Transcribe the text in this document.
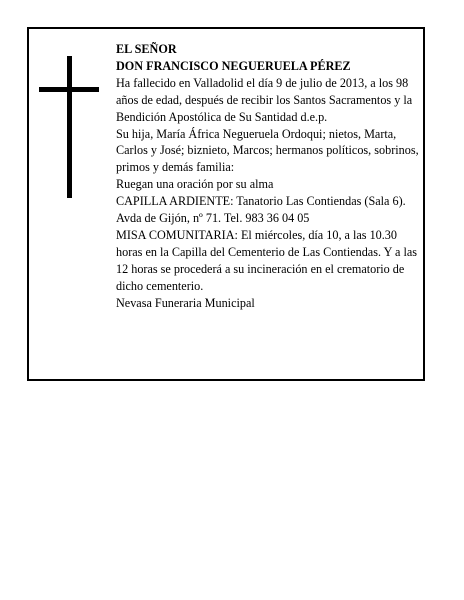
EL SEÑOR

DON FRANCISCO NEGUERUELA PÉREZ

Ha fallecido en Valladolid el día 9 de julio de 2013, a los 98 años de edad, después de recibir los Santos Sacramentos y la Bendición Apostólica de Su Santidad d.e.p.

Su hija, María África Negueruela Ordoqui; nietos, Marta, Carlos y José; biznieto, Marcos; hermanos políticos, sobrinos, primos y demás familia:

Ruegan una oración por su alma

CAPILLA ARDIENTE: Tanatorio Las Contiendas (Sala 6). Avda de Gijón, nº 71. Tel. 983 36 04 05

MISA COMUNITARIA: El miércoles, día 10, a las 10.30 horas en la Capilla del Cementerio de Las Contiendas. Y a las 12 horas se procederá a su incineración en el crematorio de dicho cementerio.

Nevasa Funeraria Municipal
